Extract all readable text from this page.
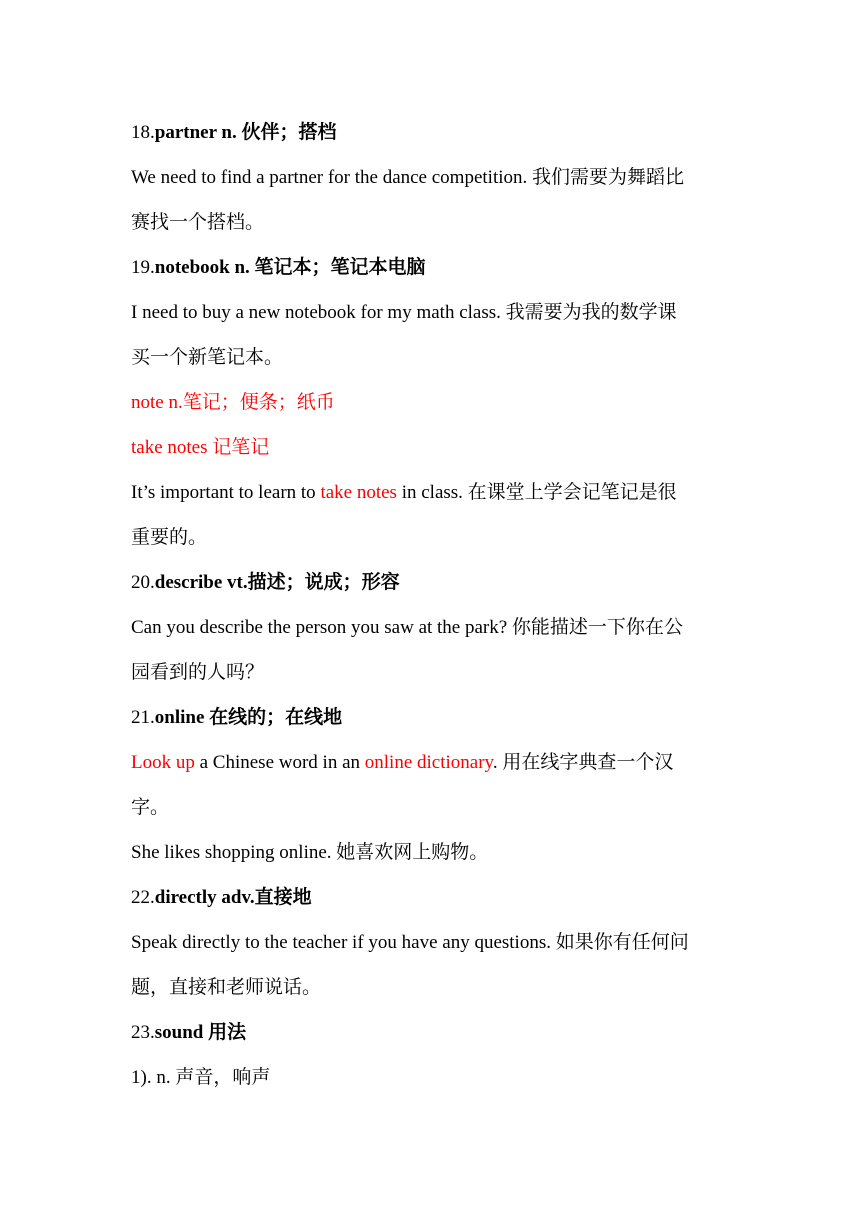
18.partner n. 伙伴；搭档
We need to find a partner for the dance competition. 我们需要为舞蹈比
赛找一个搭档。
19.notebook n. 笔记本；笔记本电脑
I need to buy a new notebook for my math class. 我需要为我的数学课
买一个新笔记本。
note n.笔记；便条；纸币
take notes 记笔记
It’s important to learn to take notes in class. 在课堂上学会记笔记是很
重要的。
20.describe vt.描述；说成；形容
Can you describe the person you saw at the park? 你能描述一下你在公
园看到的人吗？
21.online 在线的；在线地
Look up a Chinese word in an online dictionary. 用在线字典查一个汉
字。
She likes shopping online. 她喜欢网上购物。
22.directly adv.直接地
Speak directly to the teacher if you have any questions. 如果你有任何问
题，直接和老师说话。
23.sound 用法
1). n. 声音，响声
